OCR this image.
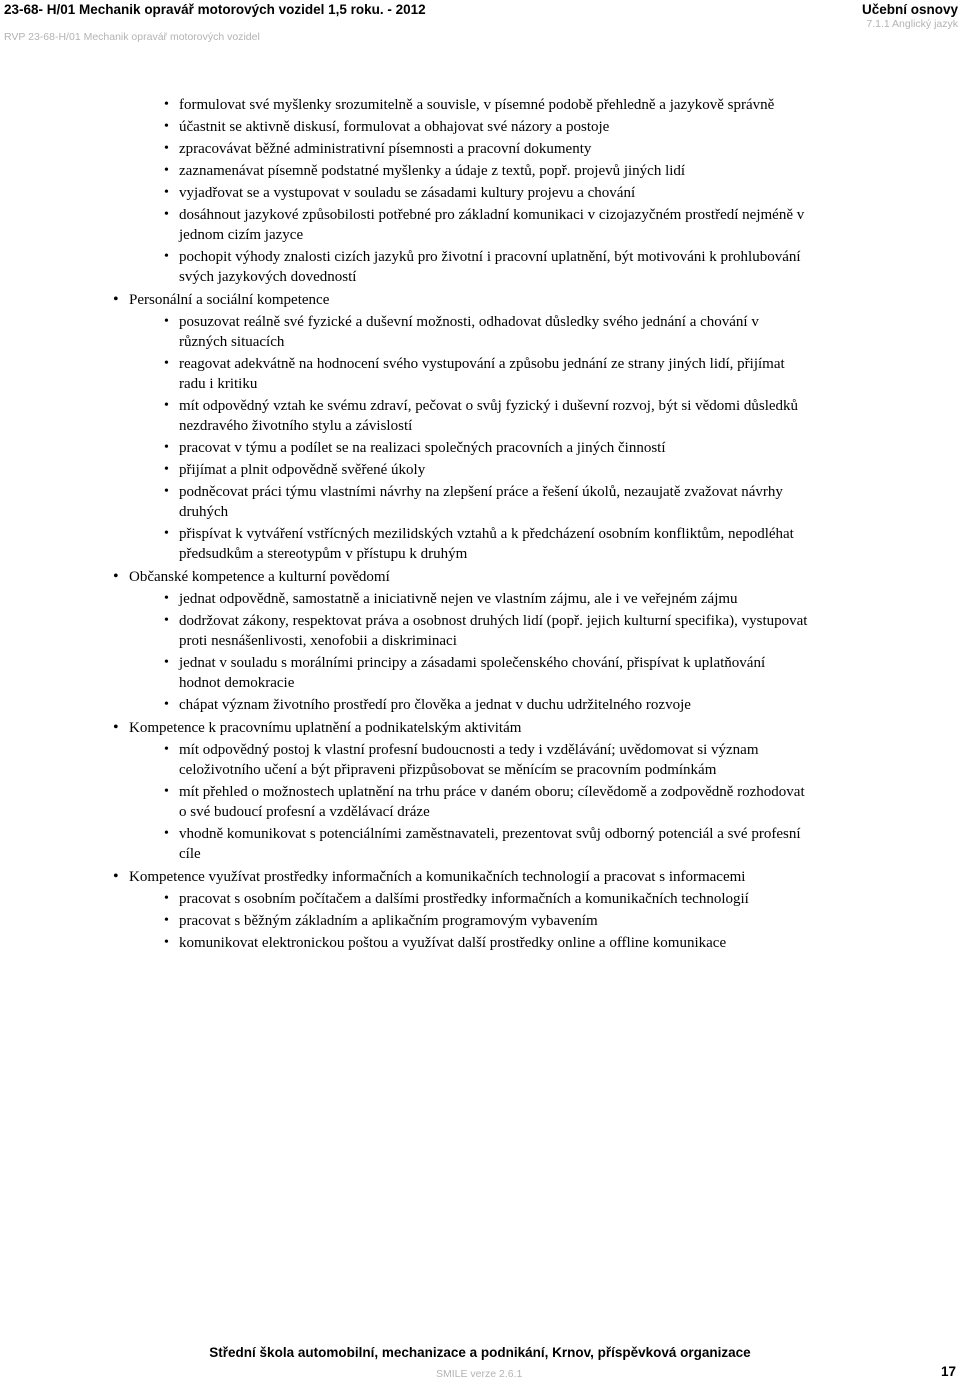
23-68- H/01 Mechanik opravář motorových vozidel 1,5 roku. - 2012
RVP 23-68-H/01 Mechanik opravář motorových vozidel
Učební osnovy
7.1.1 Anglický jazyk
• formulovat své myšlenky srozumitelně a souvisle, v písemné podobě přehledně a jazykově správně
• účastnit se aktivně diskusí, formulovat a obhajovat své názory a postoje
• zpracovávat běžné administrativní písemnosti a pracovní dokumenty
• zaznamenávat písemně podstatné myšlenky a údaje z textů, popř. projevů jiných lidí
• vyjadřovat se a vystupovat v souladu se zásadami kultury projevu a chování
• dosáhnout jazykové způsobilosti potřebné pro základní komunikaci v cizojazyčném prostředí nejméně v jednom cizím jazyce
• pochopit výhody znalosti cizích jazyků pro životní i pracovní uplatnění, být motivováni k prohlubování svých jazykových dovedností
• Personální a sociální kompetence
• posuzovat reálně své fyzické a duševní možnosti, odhadovat důsledky svého jednání a chování v různých situacích
• reagovat adekvátně na hodnocení svého vystupování a způsobu jednání ze strany jiných lidí, přijímat radu i kritiku
• mít odpovědný vztah ke svému zdraví, pečovat o svůj fyzický i duševní rozvoj, být si vědomi důsledků nezdravého životního stylu a závislostí
• pracovat v týmu a podílet se na realizaci společných pracovních a jiných činností
• přijímat a plnit odpovědně svěřené úkoly
• podněcovat práci týmu vlastními návrhy na zlepšení práce a řešení úkolů, nezaujatě zvažovat návrhy druhých
• přispívat k vytváření vstřícných mezilidských vztahů a k předcházení osobním konfliktům, nepodléhat předsudkům a stereotypům v přístupu k druhým
• Občanské kompetence a kulturní povědomí
• jednat odpovědně, samostatně a iniciativně nejen ve vlastním zájmu, ale i ve veřejném zájmu
• dodržovat zákony, respektovat práva a osobnost druhých lidí (popř. jejich kulturní specifika), vystupovat proti nesnášenlivosti, xenofobii a diskriminaci
• jednat v souladu s morálními principy a zásadami společenského chování, přispívat k uplatňování hodnot demokracie
• chápat význam životního prostředí pro člověka a jednat v duchu udržitelného rozvoje
• Kompetence k pracovnímu uplatnění a podnikatelským aktivitám
• mít odpovědný postoj k vlastní profesní budoucnosti a tedy i vzdělávání; uvědomovat si význam celoživotního učení a být připraveni přizpůsobovat se měnícím se pracovním podmínkám
• mít přehled o možnostech uplatnění na trhu práce v daném oboru; cílevědomě a zodpovědně rozhodovat o své budoucí profesní a vzdělávací dráze
• vhodně komunikovat s potenciálními zaměstnavateli, prezentovat svůj odborný potenciál a své profesní cíle
• Kompetence využívat prostředky informačních a komunikačních technologií a pracovat s informacemi
• pracovat s osobním počítačem a dalšími prostředky informačních a komunikačních technologií
• pracovat s běžným základním a aplikačním programovým vybavením
• komunikovat elektronickou poštou a využívat další prostředky online a offline komunikace
Střední škola automobilní, mechanizace a podnikání, Krnov, příspěvková organizace
SMILE verze 2.6.1	17
